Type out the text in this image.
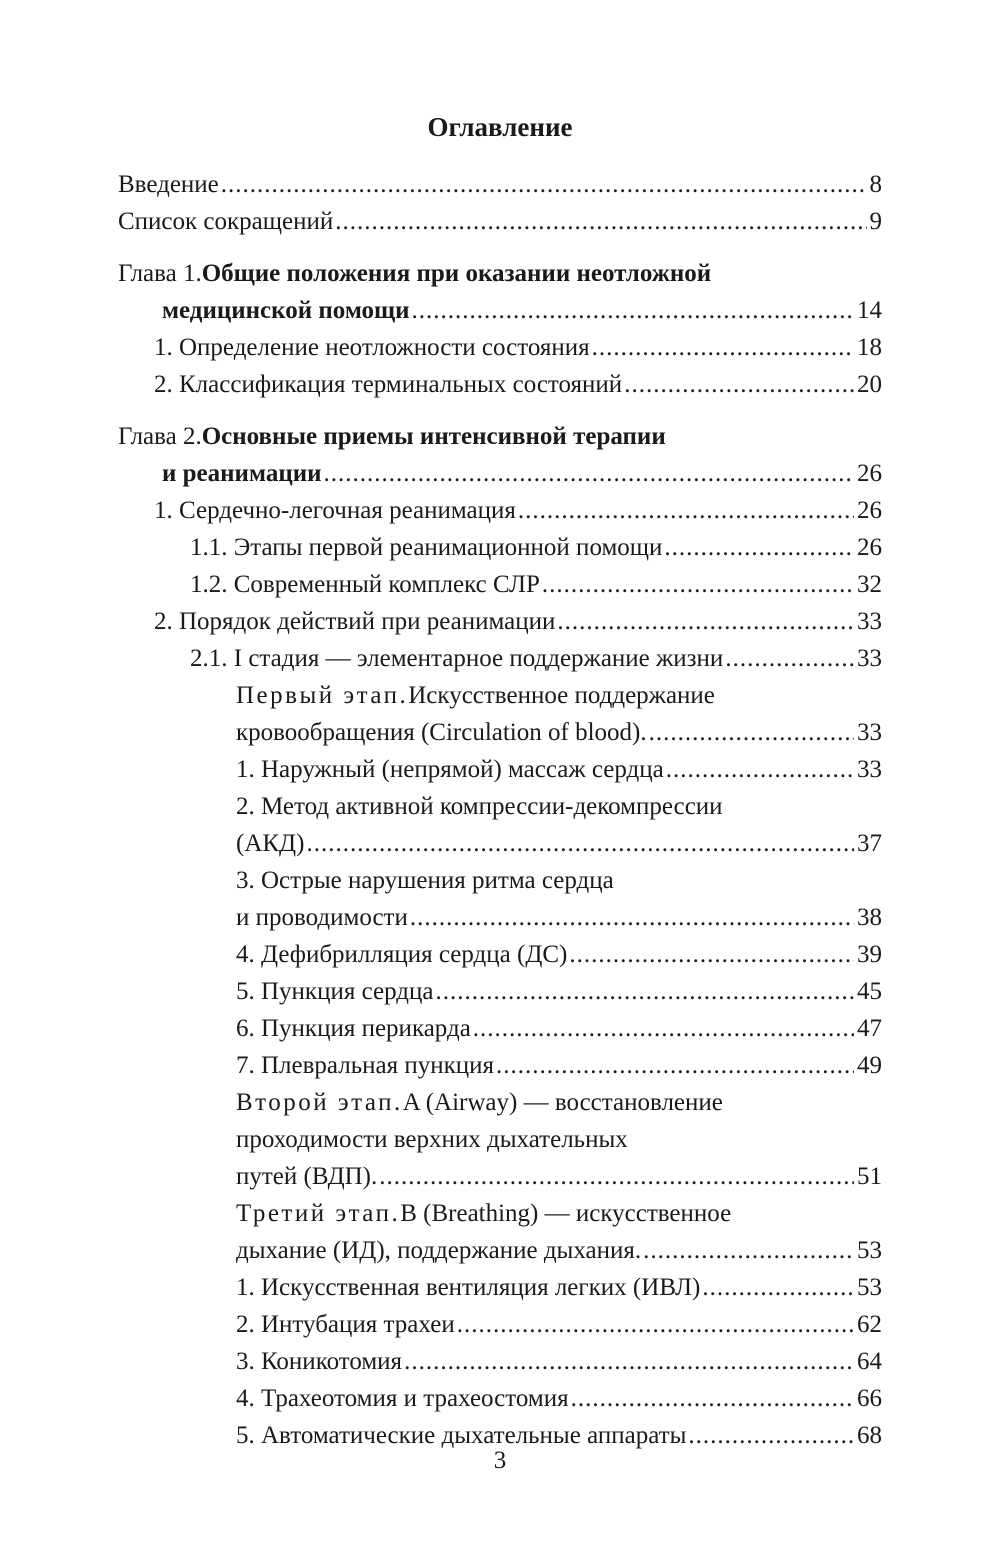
Оглавление
Введение .....	8
Список сокращений .....	9
Глава 1. Общие положения при оказании неотложной
медицинской помощи .....	14
1. Определение неотложности состояния .....	18
2. Классификация терминальных состояний .....	20
Глава 2. Основные приемы интенсивной терапии
и реанимации .....	26
1. Сердечно-легочная реанимация .....	26
1.1. Этапы первой реанимационной помощи .....	26
1.2. Современный комплекс СЛР .....	32
2. Порядок действий при реанимации .....	33
2.1. I стадия — элементарное поддержание жизни .....	33
Первый этап. Искусственное поддержание
кровообращения (Circulation of blood). .....	33
1. Наружный (непрямой) массаж сердца .....	33
2. Метод активной компрессии-декомпрессии
(АКД) .....	37
3. Острые нарушения ритма сердца
и проводимости .....	38
4. Дефибрилляция сердца (ДС) .....	39
5. Пункция сердца .....	45
6. Пункция перикарда .....	47
7. Плевральная пункция .....	49
Второй этап. A (Airway) — восстановление
проходимости верхних дыхательных
путей (ВДП). .....	51
Третий этап. B (Breathing) — искусственное
дыхание (ИД), поддержание дыхания. .....	53
1. Искусственная вентиляция легких (ИВЛ) .....	53
2. Интубация трахеи .....	62
3. Коникотомия .....	64
4. Трахеотомия и трахеостомия .....	66
5. Автоматические дыхательные аппараты .....	68
3
